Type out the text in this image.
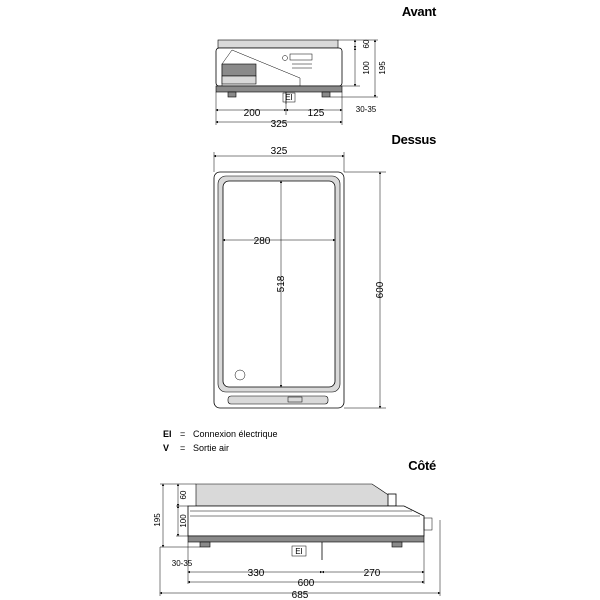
Avant
EI
60
100 195
30-35
200	125
325
Dessus
325
280
518	600
EI = Connexion électrique
V = Sortie air
Côté
EI
60
100
195
30-35
330	270
600
685
